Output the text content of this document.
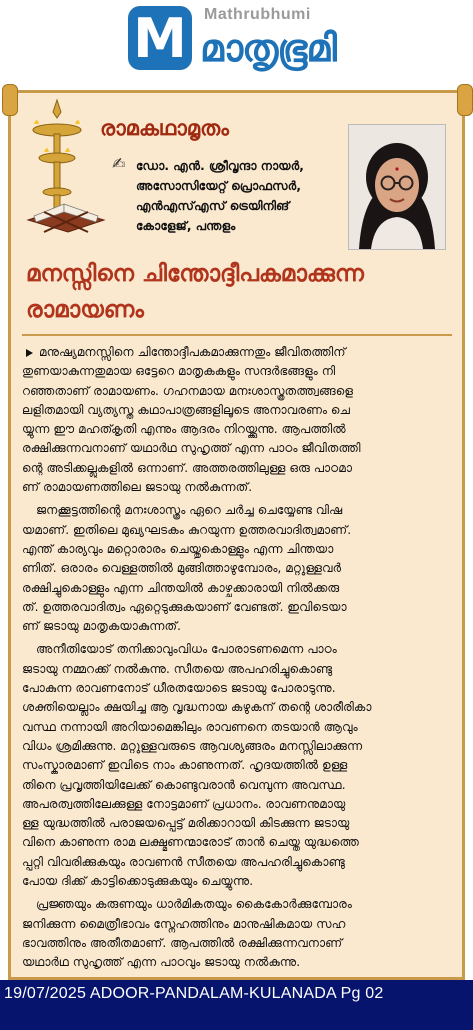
M Mathrubhumi
മാതൃഭൂമി
രാമകഥാമൃതം
✍ ഡോ. എൻ. ശ്രീവൃന്ദാ നായർ,
അസോസിയേറ്റ് പ്രൊഫസർ,
എൻഎസ്എസ് ട്രെയിനിങ്
കോളേജ്, പന്തളം
മനസ്സിനെ ചിന്തോദ്ദീപകമാക്കുന്ന
രാമായണം
മനുഷ്യമനസ്സിനെ ചിന്തോദ്ദീപകമാക്കുന്നതും ജീവിതത്തിന്
തുണയാകുന്നതുമായ ഒട്ടേറെ മാതൃകകളും സന്ദർഭങ്ങളും നി
റഞ്ഞതാണ് രാമായണം. ഗഹനമായ മനഃശാസ്ത്രതത്ത്വങ്ങളെ
ലളിതമായി വ്യത്യസ്ത കഥാപാത്രങ്ങളിലൂടെ അനാവരണം ചെ
യ്യുന്ന ഈ മഹത്കൃതി എന്നും ആദരം നിറയ്ക്കുന്നു. ആപത്തിൽ
രക്ഷിക്കുന്നവനാണ് യഥാർഥ സുഹൃത്ത് എന്ന പാഠം ജീവിതത്തി
ന്റെ അടിക്കല്ലുകളിൽ ഒന്നാണ്. അത്തരത്തിലുള്ള ഒരു പാഠമാ
ണ് രാമായണത്തിലെ ജടായു നൽകുന്നത്.
ജനക്കൂട്ടത്തിന്റെ മനഃശാസ്ത്രം ഏറെ ചർച്ച ചെയ്യേണ്ട വിഷ
യമാണ്. ഇതിലെ മുഖ്യഘടകം കുറയുന്ന ഉത്തരവാദിത്വമാണ്.
എന്ത് കാര്യവും മറ്റൊരാരം ചെയ്തുകൊള്ളും എന്ന ചിന്തയാ
ണിത്. ഒരാരം വെള്ളത്തിൽ മുങ്ങിത്താഴുമ്പോരം, മറ്റുള്ളവർ
രക്ഷിച്ചുകൊള്ളും എന്ന ചിന്തയിൽ കാഴ്ചക്കാരായി നിൽക്കരു
ത്. ഉത്തരവാദിത്വം ഏറ്റെടുക്കുകയാണ് വേണ്ടത്. ഇവിടെയാ
ണ് ജടായു മാതൃകയാകുന്നത്.
അനീതിയോട് തനിക്കാവുംവിധം പോരാടണമെന്ന പാഠം
ജടായു നമ്മറക്ക് നൽകുന്നു. സീതയെ അപഹരിച്ചുകൊണ്ടു
പോകുന്ന രാവണനോട് ധീരതയോടെ ജടായു പോരാടുന്നു.
ശക്തിയെല്ലാം ക്ഷയിച്ച ആ വൃദ്ധനായ കഴുകന് തന്റെ ശാരീരികാ
വസ്ഥ നന്നായി അറിയാമെങ്കിലും രാവണനെ തടയാൻ ആവും
വിധം ശ്രമിക്കുന്നു. മറ്റുള്ളവരുടെ ആവശ്യങ്ങരം മനസ്സിലാക്കുന്ന
സംസ്കാരമാണ് ഇവിടെ നാം കാണുന്നത്. ഹൃദയത്തിൽ ഉള്ള
തിനെ പ്രവൃത്തിയിലേക്ക് കൊണ്ടുവരാൻ വെമ്പുന്ന അവസ്ഥ.
അപരത്വത്തിലേക്കുള്ള നോട്ടമാണ് പ്രധാനം. രാവണനുമായു
ള്ള യുദ്ധത്തിൽ പരാജയപ്പെട്ട് മരിക്കാറായി കിടക്കുന്ന ജടായു
വിനെ കാണുന്ന രാമ ലക്ഷ്മണന്മാരോട് താൻ ചെയ്ത യുദ്ധത്തെ
പ്പറ്റി വിവരിക്കുകയും രാവണൻ സീതയെ അപഹരിച്ചുകൊണ്ടു
പോയ ദിക്ക് കാട്ടിക്കൊടുക്കുകയും ചെയ്യുന്നു.
പ്രജ്ഞയും കരുണയും ധാർമികതയും കൈകോർക്കുമ്പോരം
ജനിക്കുന്ന മൈത്രീഭാവം സ്നേഹത്തിനും മാനുഷികമായ സഹ
ഭാവത്തിനും അതീതമാണ്. ആപത്തിൽ രക്ഷിക്കുന്നവനാണ്
യഥാർഥ സുഹൃത്ത് എന്ന പാഠവും ജടായു നൽകുന്നു.
19/07/2025 ADOOR-PANDALAM-KULANADA Pg 02
